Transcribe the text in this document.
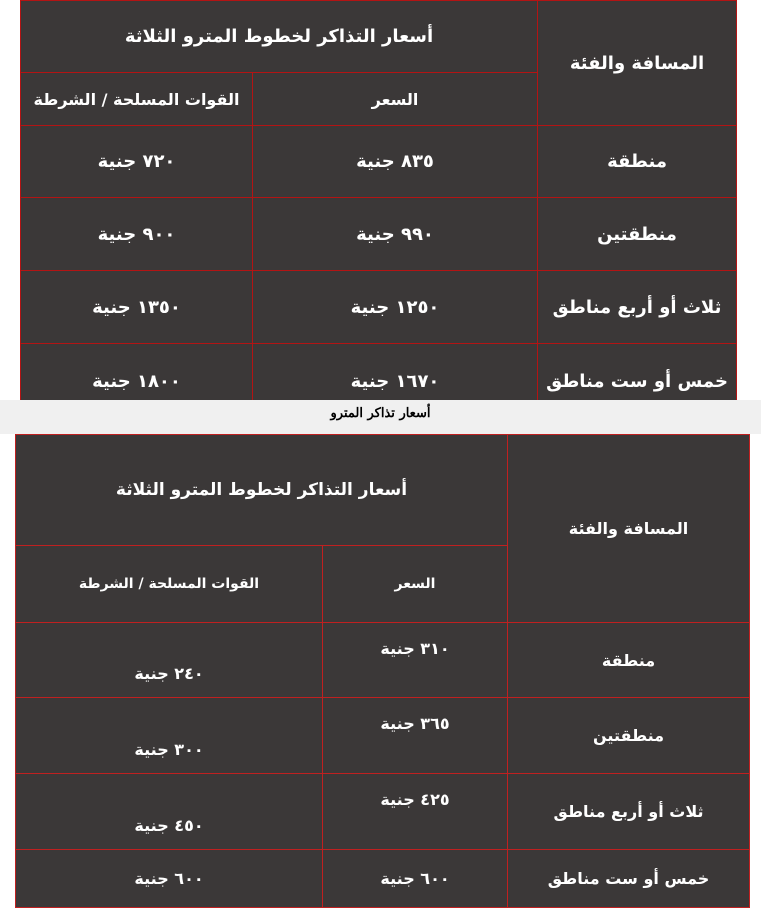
المسافة والفئة	أسعار التذاكر لخطوط المترو الثلاثة	
	السعر	القوات المسلحة / الشرطة
منطقة	٨٣٥ جنية	٧٢٠ جنية
منطقتين	٩٩٠ جنية	٩٠٠ جنية
ثلاث أو أربع مناطق	١٢٥٠ جنية	١٣٥٠ جنية
خمس أو ست مناطق	١٦٧٠ جنية	١٨٠٠ جنية
أسعار تذاكر المترو
المسافة والفئة	أسعار التذاكر لخطوط المترو الثلاثة	
	السعر	القوات المسلحة / الشرطة
منطقة	٣١٠ جنية	٢٤٠ جنية
منطقتين	٣٦٥ جنية	٣٠٠ جنية
ثلاث أو أربع مناطق	٤٢٥ جنية	٤٥٠ جنية
خمس أو ست مناطق	٦٠٠ جنية	٦٠٠ جنية
